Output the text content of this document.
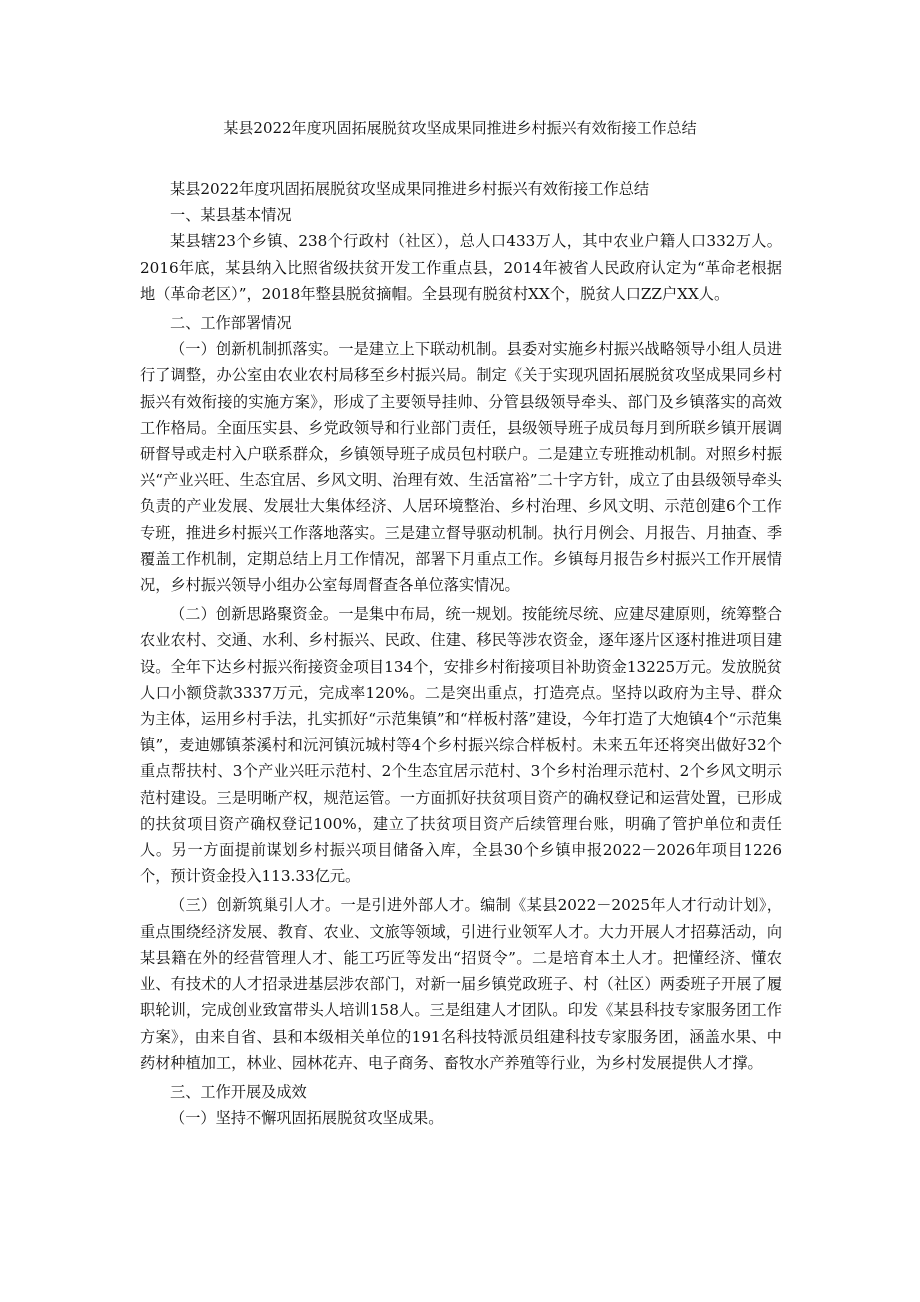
某县2022年度巩固拓展脱贫攻坚成果同推进乡村振兴有效衔接工作总结

某县2022年度巩固拓展脱贫攻坚成果同推进乡村振兴有效衔接工作总结

一、某县基本情况

某县辖23个乡镇、238个行政村（社区），总人口433万人，其中农业户籍人口332万人。2016年底，某县纳入比照省级扶贫开发工作重点县，2014年被省人民政府认定为“革命老根据地（革命老区）”，2018年整县脱贫摘帽。全县现有脱贫村XX个，脱贫人口ZZ户XX人。

二、工作部署情况

（一）创新机制抓落实。一是建立上下联动机制。县委对实施乡村振兴战略领导小组人员进行了调整，办公室由农业农村局移至乡村振兴局。制定《关于实现巩固拓展脱贫攻坚成果同乡村振兴有效衔接的实施方案》，形成了主要领导挂帅、分管县级领导牵头、部门及乡镇落实的高效工作格局。全面压实县、乡党政领导和行业部门责任，县级领导班子成员每月到所联乡镇开展调研督导或走村入户联系群众，乡镇领导班子成员包村联户。二是建立专班推动机制。对照乡村振兴“产业兴旺、生态宜居、乡风文明、治理有效、生活富裕”二十字方针，成立了由县级领导牵头负责的产业发展、发展壮大集体经济、人居环境整治、乡村治理、乡风文明、示范创建6个工作专班，推进乡村振兴工作落地落实。三是建立督导驱动机制。执行月例会、月报告、月抽查、季覆盖工作机制，定期总结上月工作情况，部署下月重点工作。乡镇每月报告乡村振兴工作开展情况，乡村振兴领导小组办公室每周督查各单位落实情况。

（二）创新思路聚资金。一是集中布局，统一规划。按能统尽统、应建尽建原则，统筹整合农业农村、交通、水利、乡村振兴、民政、住建、移民等涉农资金，逐年逐片区逐村推进项目建设。全年下达乡村振兴衔接资金项目134个，安排乡村衔接项目补助资金13225万元。发放脱贫人口小额贷款3337万元，完成率120%。二是突出重点，打造亮点。坚持以政府为主导、群众为主体，运用乡村手法，扎实抓好“示范集镇”和“样板村落”建设，今年打造了大炮镇4个“示范集镇”，麦迪娜镇茶溪村和沅河镇沅城村等4个乡村振兴综合样板村。未来五年还将突出做好32个重点帮扶村、3个产业兴旺示范村、2个生态宜居示范村、3个乡村治理示范村、2个乡风文明示范村建设。三是明晰产权，规范运管。一方面抓好扶贫项目资产的确权登记和运营处置，已形成的扶贫项目资产确权登记100%，建立了扶贫项目资产后续管理台账，明确了管护单位和责任人。另一方面提前谋划乡村振兴项目储备入库，全县30个乡镇申报2022－2026年项目1226个，预计资金投入113.33亿元。

（三）创新筑巢引人才。一是引进外部人才。编制《某县2022－2025年人才行动计划》，重点围绕经济发展、教育、农业、文旅等领域，引进行业领军人才。大力开展人才招募活动，向某县籍在外的经营管理人才、能工巧匠等发出“招贤令”。二是培育本土人才。把懂经济、懂农业、有技术的人才招录进基层涉农部门，对新一届乡镇党政班子、村（社区）两委班子开展了履职轮训，完成创业致富带头人培训158人。三是组建人才团队。印发《某县科技专家服务团工作方案》，由来自省、县和本级相关单位的191名科技特派员组建科技专家服务团，涵盖水果、中药材种植加工，林业、园林花卉、电子商务、畜牧水产养殖等行业，为乡村发展提供人才撑。

三、工作开展及成效

（一）坚持不懈巩固拓展脱贫攻坚成果。
